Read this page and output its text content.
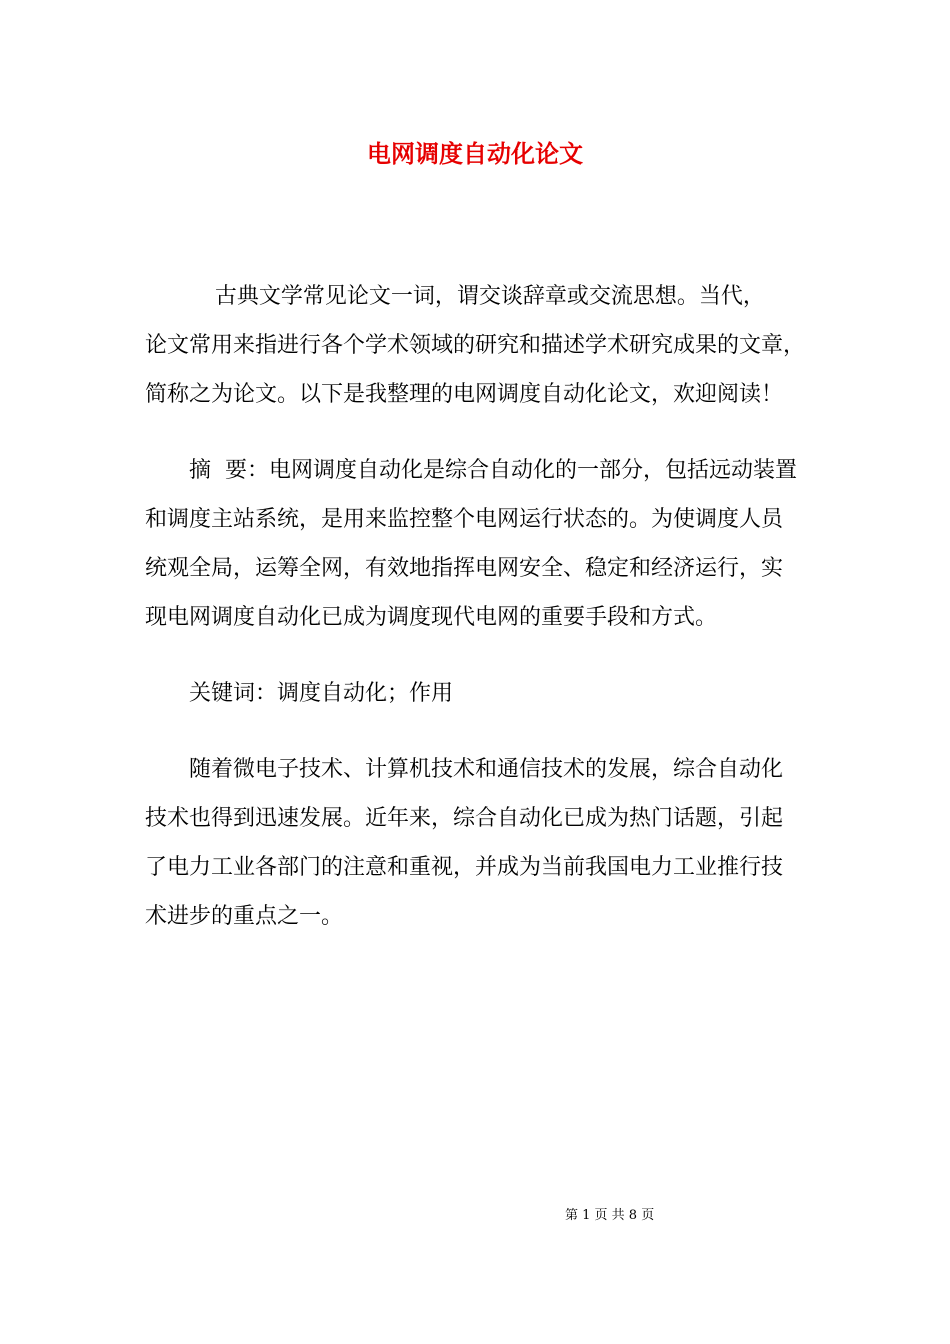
电网调度自动化论文

古典文学常见论文一词，谓交谈辞章或交流思想。当代，
论文常用来指进行各个学术领域的研究和描述学术研究成果的文章，
简称之为论文。以下是我整理的电网调度自动化论文，欢迎阅读！

　　摘  要：电网调度自动化是综合自动化的一部分，包括远动装置
和调度主站系统，是用来监控整个电网运行状态的。为使调度人员
统观全局，运筹全网，有效地指挥电网安全、稳定和经济运行，实
现电网调度自动化已成为调度现代电网的重要手段和方式。

　　关键词：调度自动化；作用

　　随着微电子技术、计算机技术和通信技术的发展，综合自动化
技术也得到迅速发展。近年来，综合自动化已成为热门话题，引起
了电力工业各部门的注意和重视，并成为当前我国电力工业推行技
术进步的重点之一。

第 1 页 共 8 页
